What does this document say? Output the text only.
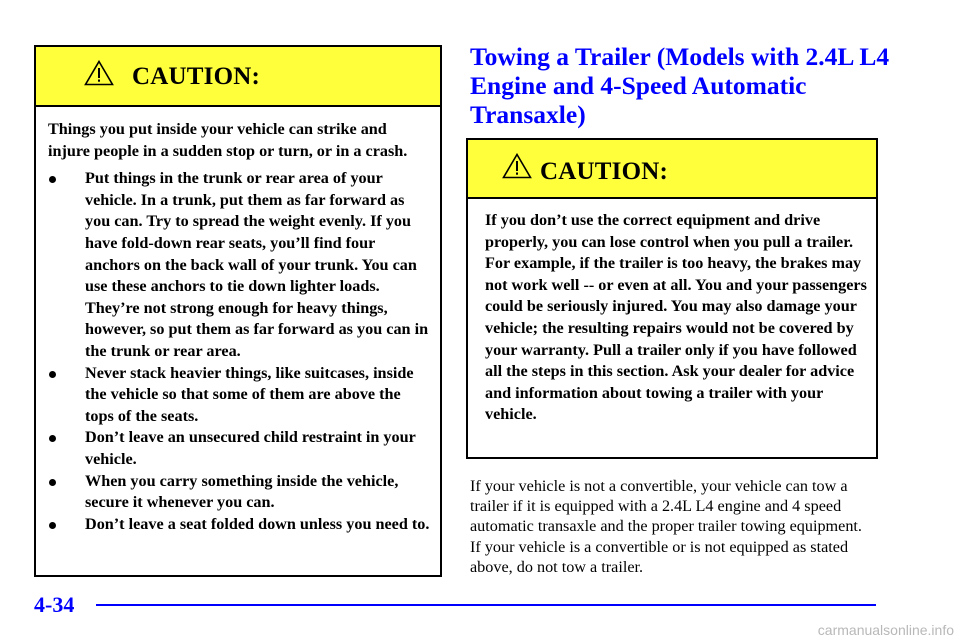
CAUTION:

Things you put inside your vehicle can strike and injure people in a sudden stop or turn, or in a crash.

Put things in the trunk or rear area of your vehicle. In a trunk, put them as far forward as you can. Try to spread the weight evenly. If you have fold-down rear seats, you’ll find four anchors on the back wall of your trunk. You can use these anchors to tie down lighter loads. They’re not strong enough for heavy things, however, so put them as far forward as you can in the trunk or rear area.
Never stack heavier things, like suitcases, inside the vehicle so that some of them are above the tops of the seats.
Don’t leave an unsecured child restraint in your vehicle.
When you carry something inside the vehicle, secure it whenever you can.
Don’t leave a seat folded down unless you need to.
Towing a Trailer (Models with 2.4L L4 Engine and 4-Speed Automatic Transaxle)
CAUTION:

If you don’t use the correct equipment and drive properly, you can lose control when you pull a trailer. For example, if the trailer is too heavy, the brakes may not work well -- or even at all. You and your passengers could be seriously injured. You may also damage your vehicle; the resulting repairs would not be covered by your warranty. Pull a trailer only if you have followed all the steps in this section. Ask your dealer for advice and information about towing a trailer with your vehicle.

If your vehicle is not a convertible, your vehicle can tow a trailer if it is equipped with a 2.4L L4 engine and 4 speed automatic transaxle and the proper trailer towing equipment. If your vehicle is a convertible or is not equipped as stated above, do not tow a trailer.
4-34
carmanualsonline.info
